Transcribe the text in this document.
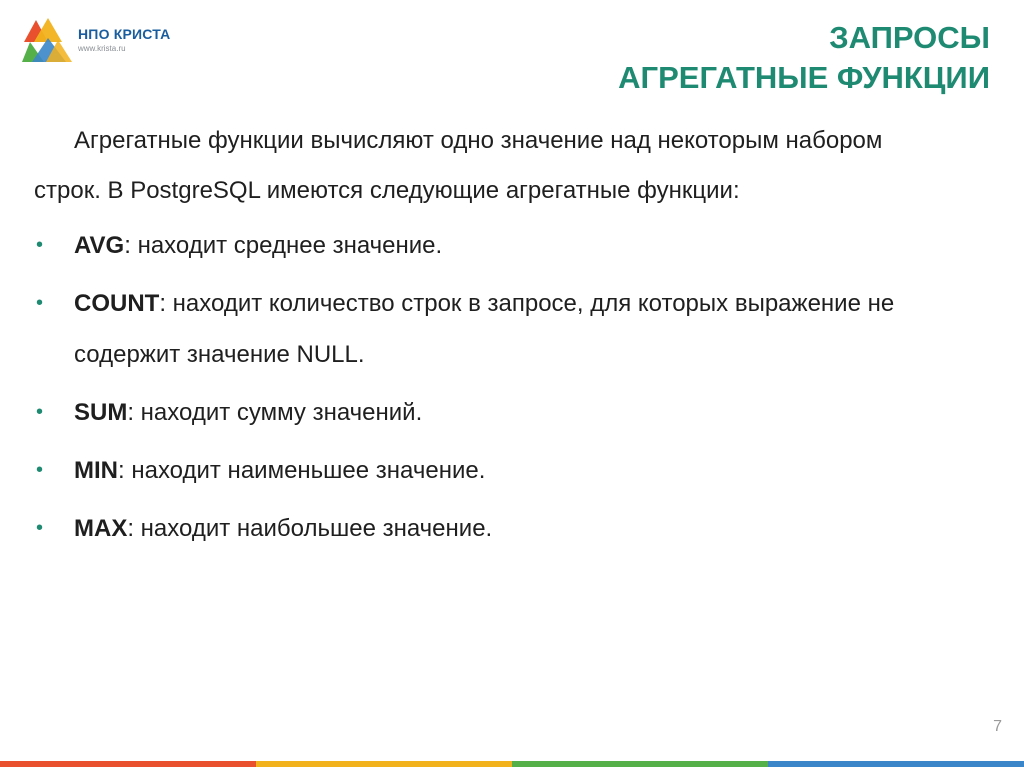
НПО КРИСТА
www.krista.ru	ЗАПРОСЫ
АГРЕГАТНЫЕ ФУНКЦИИ

Агрегатные функции вычисляют одно значение над некоторым набором строк. В PostgreSQL имеются следующие агрегатные функции:

• AVG: находит среднее значение.
• COUNT: находит количество строк в запросе, для которых выражение не содержит значение NULL.
• SUM: находит сумму значений.
• MIN: находит наименьшее значение.
• MAX: находит наибольшее значение.
7
